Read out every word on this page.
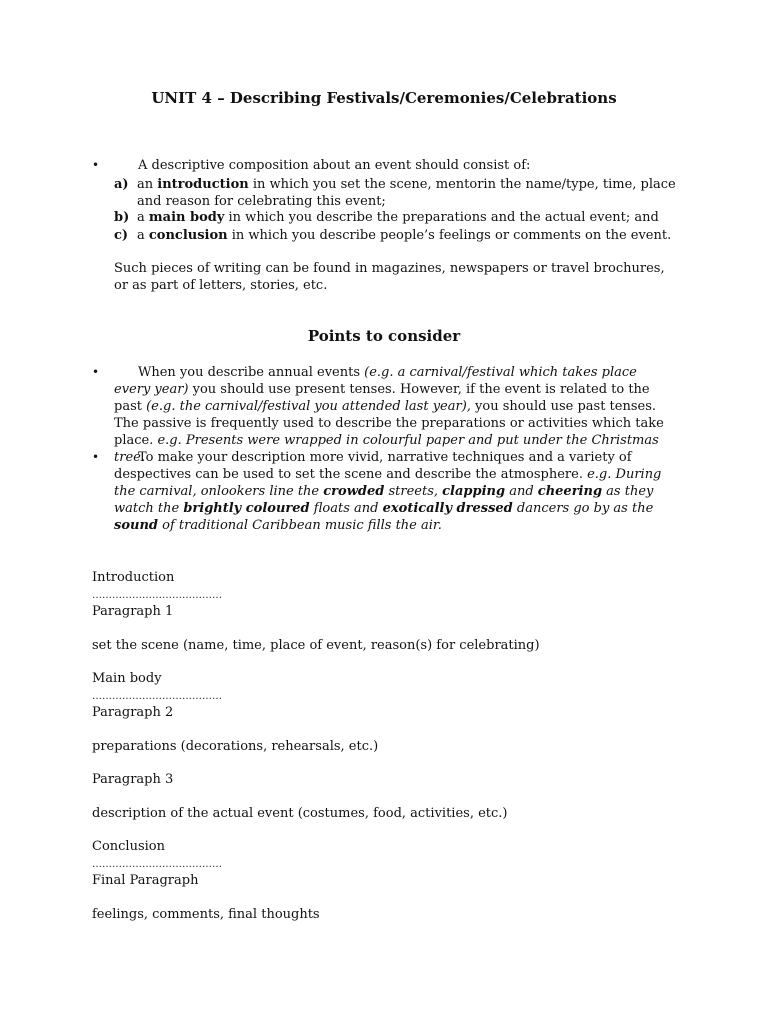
UNIT 4 – Describing Festivals/Ceremonies/Celebrations
•	A descriptive composition about an event should consist of:
a) an introduction in which you set the scene, mentorin the name/type, time, place and reason for celebrating this event;
b) a main body in which you describe the preparations and the actual event; and
c) a conclusion in which you describe people’s feelings or comments on the event.

Such pieces of writing can be found in magazines, newspapers or travel brochures, or as part of letters, stories, etc.

Points to consider
•	When you describe annual events (e.g. a carnival/festival which takes place every year) you should use present tenses. However, if the event is related to the past (e.g. the carnival/festival you attended last year), you should use past tenses. The passive is frequently used to describe the preparations or activities which take place. e.g. Presents were wrapped in colourful paper and put under the Christmas tree.

•	To make your description more vivid, narrative techniques and a variety of despectives can be used to set the scene and describe the atmosphere. e.g. During the carnival, onlookers line the crowded streets, clapping and cheering as they watch the brightly coloured floats and exotically dressed dancers go by as the sound of traditional Caribbean music fills the air.

Introduction
…………………………………
Paragraph 1
set the scene (name, time, place of event, reason(s) for celebrating)
Main body
…………………………………
Paragraph 2
preparations (decorations, rehearsals, etc.)
Paragraph 3
description of the actual event (costumes, food, activities, etc.)
Conclusion
…………………………………
Final Paragraph
feelings, comments, final thoughts
